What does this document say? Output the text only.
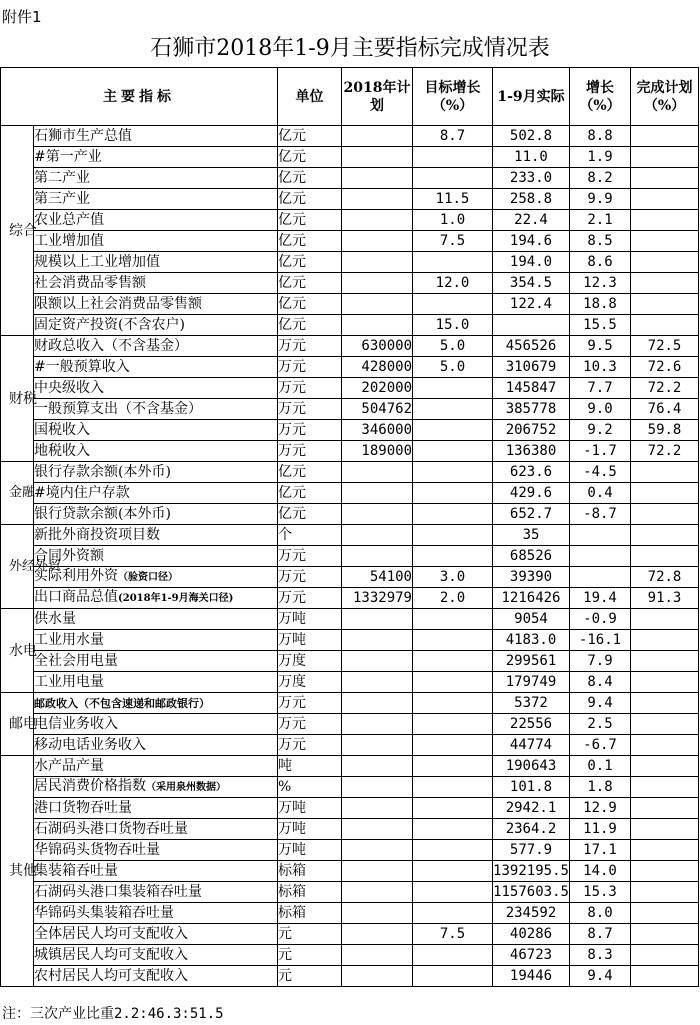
附件1
石狮市2018年1-9月主要指标完成情况表
主要指标		单位	2018年计划	目标增长（%）	1-9月实际	增长（%）	完成计划（%）
综合	石狮市生产总值	亿元		8.7	502.8	8.8	
	#第一产业	亿元			11.0	1.9	
	第二产业	亿元			233.0	8.2	
	第三产业	亿元		11.5	258.8	9.9	
	农业总产值	亿元		1.0	22.4	2.1	
	工业增加值	亿元		7.5	194.6	8.5	
	规模以上工业增加值	亿元			194.0	8.6	
	社会消费品零售额	亿元		12.0	354.5	12.3	
	限额以上社会消费品零售额	亿元			122.4	18.8	
	固定资产投资(不含农户)	亿元		15.0		15.5	
财税	财政总收入（不含基金）	万元	630000	5.0	456526	9.5	72.5
	#一般预算收入	万元	428000	5.0	310679	10.3	72.6
	中央级收入	万元	202000		145847	7.7	72.2
	一般预算支出（不含基金）	万元	504762		385778	9.0	76.4
	国税收入	万元	346000		206752	9.2	59.8
	地税收入	万元	189000		136380	-1.7	72.2
金融	银行存款余额(本外币)	亿元			623.6	-4.5	
	#境内住户存款	亿元			429.6	0.4	
	银行贷款余额(本外币)	亿元			652.7	-8.7	
外经外贸	新批外商投资项目数	个			35		
	合同外资额	万元			68526		
	实际利用外资（验资口径）	万元	54100	3.0	39390		72.8
	出口商品总值(2018年1-9月海关口径)	万元	1332979	2.0	1216426	19.4	91.3
水电	供水量	万吨			9054	-0.9	
	工业用水量	万吨			4183.0	-16.1	
	全社会用电量	万度			299561	7.9	
	工业用电量	万度			179749	8.4	
邮电	邮政收入（不包含速递和邮政银行）	万元			5372	9.4	
	电信业务收入	万元			22556	2.5	
	移动电话业务收入	万元			44774	-6.7	
其他	水产品产量	吨			190643	0.1	
	居民消费价格指数（采用泉州数据）	%			101.8	1.8	
	港口货物吞吐量	万吨			2942.1	12.9	
	石湖码头港口货物吞吐量	万吨			2364.2	11.9	
	华锦码头货物吞吐量	万吨			577.9	17.1	
	集装箱吞吐量	标箱			1392195.5	14.0	
	石湖码头港口集装箱吞吐量	标箱			1157603.5	15.3	
	华锦码头集装箱吞吐量	标箱			234592	8.0	
	全体居民人均可支配收入	元		7.5	40286	8.7	
	城镇居民人均可支配收入	元			46723	8.3	
	农村居民人均可支配收入	元			19446	9.4	
注：三次产业比重2.2:46.3:51.5
